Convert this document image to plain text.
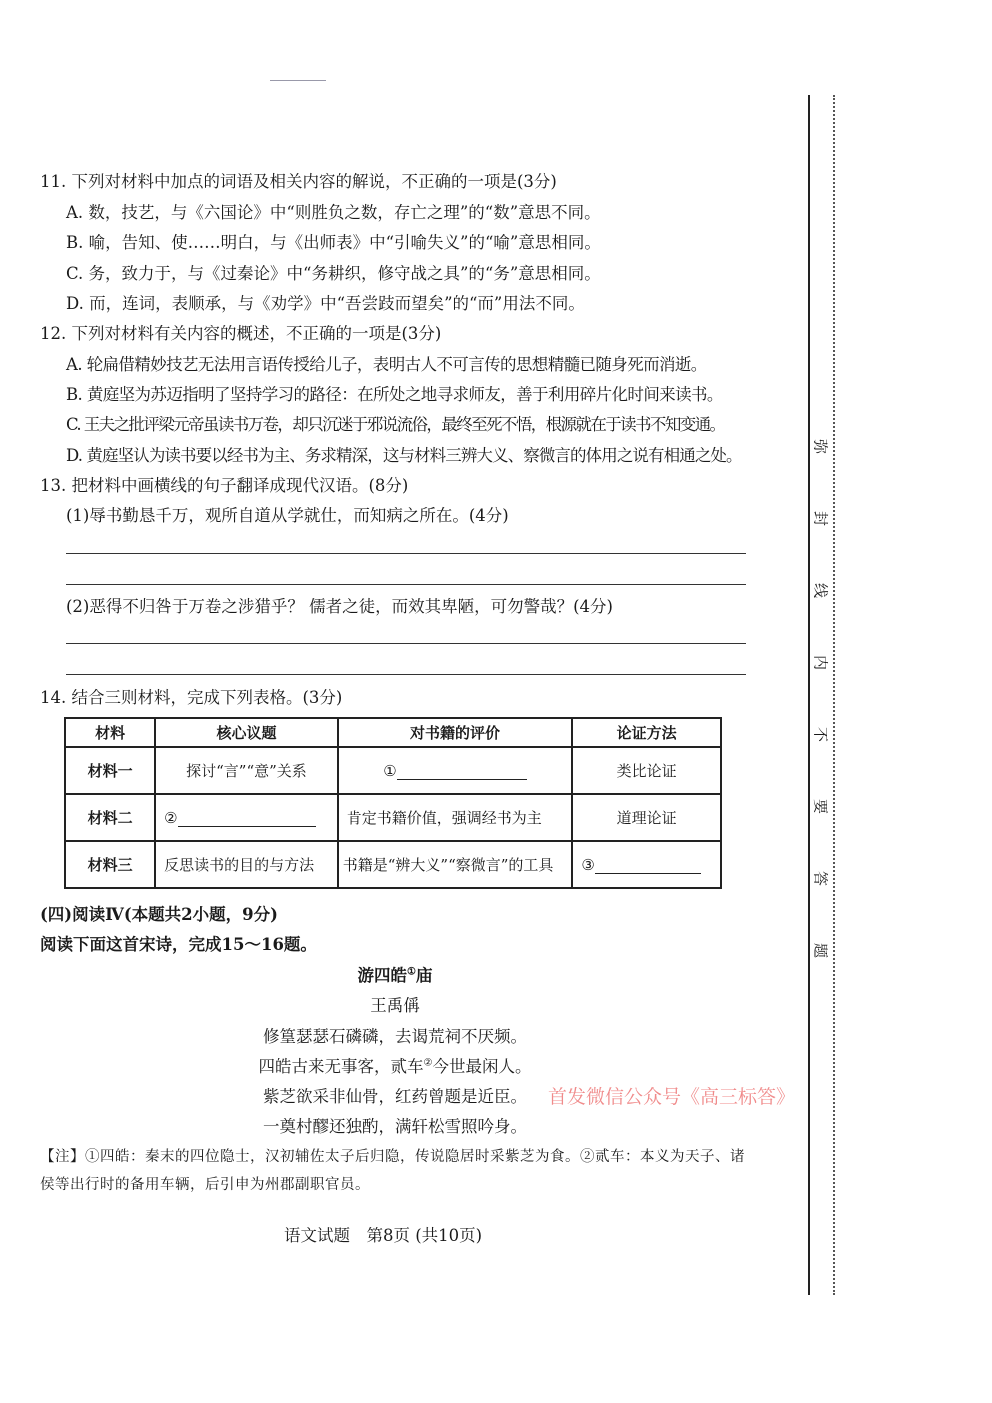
11. 下列对材料中加点的词语及相关内容的解说，不正确的一项是(3分)
A. 数，技艺，与《六国论》中“则胜负之数，存亡之理”的“数”意思不同。
B. 喻，告知、使……明白，与《出师表》中“引喻失义”的“喻”意思相同。
C. 务，致力于，与《过秦论》中“务耕织，修守战之具”的“务”意思相同。
D. 而，连词，表顺承，与《劝学》中“吾尝跂而望矣”的“而”用法不同。
12. 下列对材料有关内容的概述，不正确的一项是(3分)
A. 轮扁借精妙技艺无法用言语传授给儿子，表明古人不可言传的思想精髓已随身死而消逝。
B. 黄庭坚为苏迈指明了坚持学习的路径：在所处之地寻求师友，善于利用碎片化时间来读书。
C. 王夫之批评梁元帝虽读书万卷，却只沉迷于邪说流俗，最终至死不悟，根源就在于读书不知变通。
D. 黄庭坚认为读书要以经书为主、务求精深，这与材料三辨大义、察微言的体用之说有相通之处。
13. 把材料中画横线的句子翻译成现代汉语。(8分)
(1)辱书勤恳千万，观所自道从学就仕，而知病之所在。(4分)
(2)恶得不归咎于万卷之涉猎乎？ 儒者之徒，而效其卑陋，可勿警哉？(4分)
14. 结合三则材料，完成下列表格。(3分)
材料	核心议题	对书籍的评价	论证方法
材料一	探讨“言”“意”关系	①	类比论证
材料二	②	肯定书籍价值，强调经书为主	道理论证
材料三	反思读书的目的与方法	书籍是“辨大义”“察微言”的工具	③
(四)阅读Ⅳ(本题共2小题，9分)
阅读下面这首宋诗，完成15～16题。
游四皓①庙
王禹偁
修篁瑟瑟石磷磷，去谒荒祠不厌频。
四皓古来无事客，贰车②今世最闲人。
紫芝欲采非仙骨，红药曾题是近臣。
一奠村醪还独酌，满轩松雪照吟身。
首发微信公众号《高三标答》
【注】①四皓：秦末的四位隐士，汉初辅佐太子后归隐，传说隐居时采紫芝为食。②贰车：本义为天子、诸
侯等出行时的备用车辆，后引申为州郡副职官员。
语文试题　第8页 (共10页)
弥
封
线
内
不
要
答
题
